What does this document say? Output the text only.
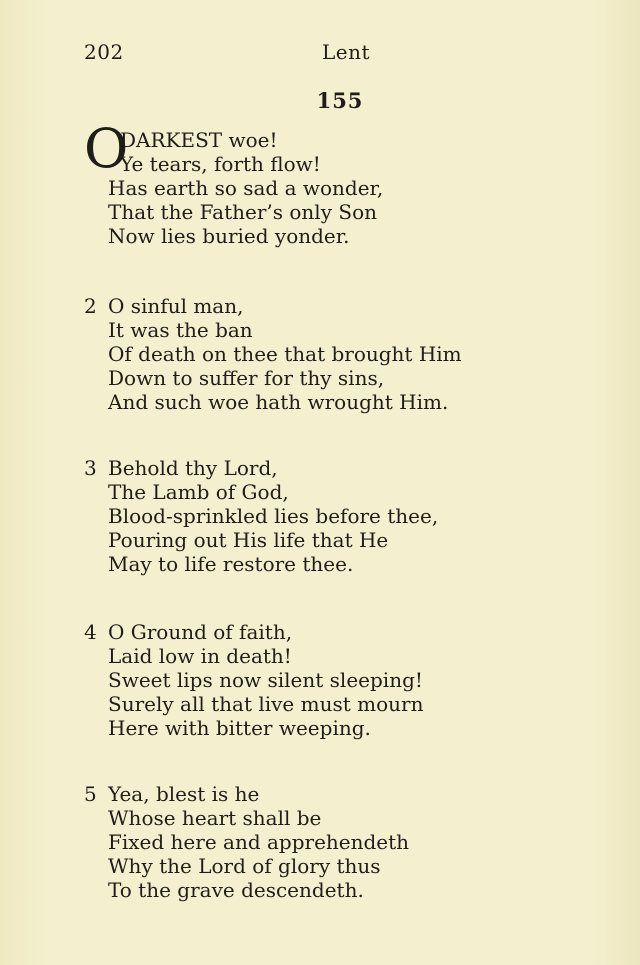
202	Lent
155
O
DARKEST woe!
Ye tears, forth flow!
Has earth so sad a wonder,
That the Father’s only Son
Now lies buried yonder.
2 O sinful man,
It was the ban
Of death on thee that brought Him
Down to suffer for thy sins,
And such woe hath wrought Him.
3 Behold thy Lord,
The Lamb of God,
Blood-sprinkled lies before thee,
Pouring out His life that He
May to life restore thee.
4 O Ground of faith,
Laid low in death!
Sweet lips now silent sleeping!
Surely all that live must mourn
Here with bitter weeping.
5 Yea, blest is he
Whose heart shall be
Fixed here and apprehendeth
Why the Lord of glory thus
To the grave descendeth.
